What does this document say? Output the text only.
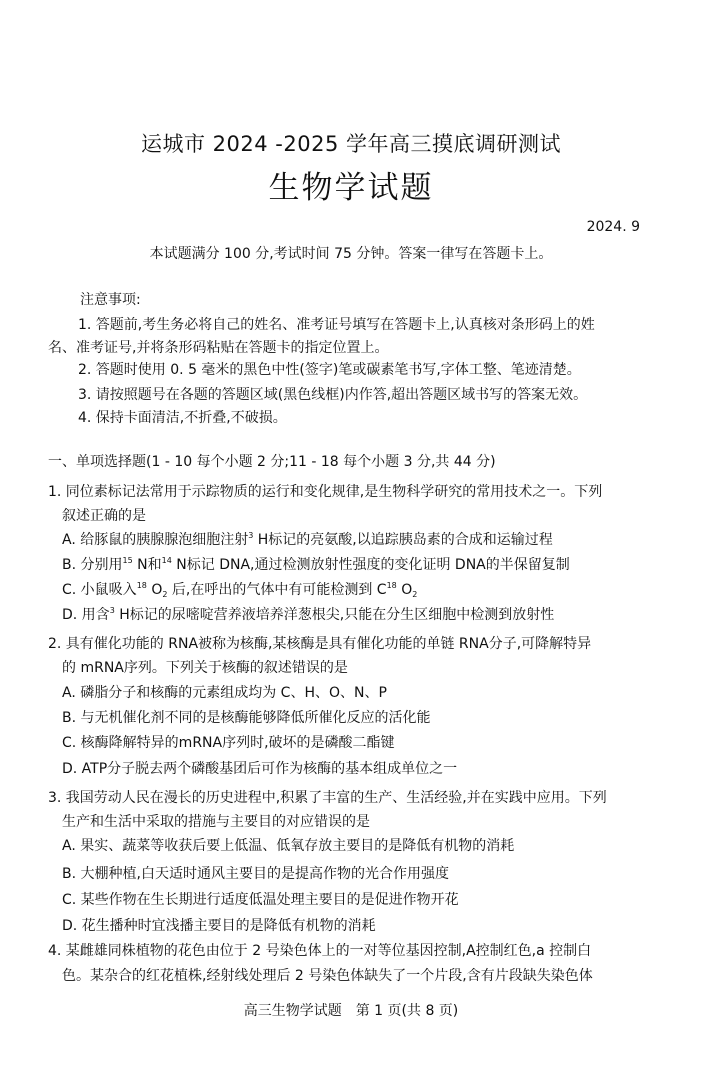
运城市 2024 -2025 学年高三摸底调研测试
生物学试题
2024. 9
本试题满分 100 分,考试时间 75 分钟。答案一律写在答题卡上。
注意事项:
1. 答题前,考生务必将自己的姓名、准考证号填写在答题卡上,认真核对条形码上的姓
名、准考证号,并将条形码粘贴在答题卡的指定位置上。
2. 答题时使用 0. 5 毫米的黑色中性(签字)笔或碳素笔书写,字体工整、笔迹清楚。
3. 请按照题号在各题的答题区域(黑色线框)内作答,超出答题区域书写的答案无效。
4. 保持卡面清洁,不折叠,不破损。
一、单项选择题(1 - 10 每个小题 2 分;11 - 18 每个小题 3 分,共 44 分)
1. 同位素标记法常用于示踪物质的运行和变化规律,是生物科学研究的常用技术之一。下列
叙述正确的是
A. 给豚鼠的胰腺腺泡细胞注射$^3$ H标记的亮氨酸,以追踪胰岛素的合成和运输过程
B. 分别用$^{15}$ N和$^{14}$ N标记 DNA,通过检测放射性强度的变化证明 DNA的半保留复制
C. 小鼠吸入$^{18}$ $O_2$ 后,在呼出的气体中有可能检测到 $C^{18}$ $O_2$
D. 用含$^3$ H标记的尿嘧啶营养液培养洋葱根尖,只能在分生区细胞中检测到放射性
2. 具有催化功能的 RNA被称为核酶,某核酶是具有催化功能的单链 RNA分子,可降解特异
的 mRNA序列。下列关于核酶的叙述错误的是
A. 磷脂分子和核酶的元素组成均为 C、H、O、N、P
B. 与无机催化剂不同的是核酶能够降低所催化反应的活化能
C. 核酶降解特异的mRNA序列时,破坏的是磷酸二酯键
D. ATP分子脱去两个磷酸基团后可作为核酶的基本组成单位之一
3. 我国劳动人民在漫长的历史进程中,积累了丰富的生产、生活经验,并在实践中应用。下列
生产和生活中采取的措施与主要目的对应错误的是
A. 果实、蔬菜等收获后要上低温、低氧存放主要目的是降低有机物的消耗
B. 大棚种植,白天适时通风主要目的是提高作物的光合作用强度
C. 某些作物在生长期进行适度低温处理主要目的是促进作物开花
D. 花生播种时宜浅播主要目的是降低有机物的消耗
4. 某雌雄同株植物的花色由位于 2 号染色体上的一对等位基因控制,A控制红色,a 控制白
色。某杂合的红花植株,经射线处理后 2 号染色体缺失了一个片段,含有片段缺失染色体
高三生物学试题　第 1 页(共 8 页)
